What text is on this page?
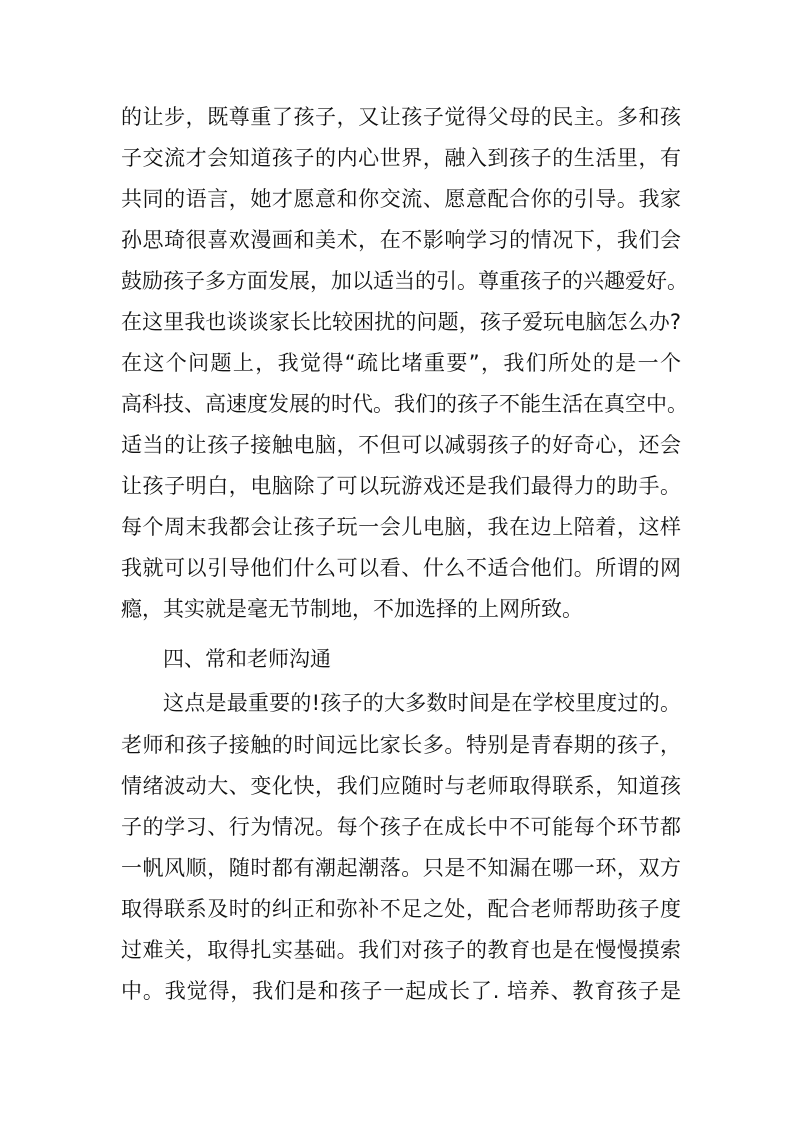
的让步，既尊重了孩子，又让孩子觉得父母的民主。多和孩
子交流才会知道孩子的内心世界，融入到孩子的生活里，有
共同的语言，她才愿意和你交流、愿意配合你的引导。我家
孙思琦很喜欢漫画和美术，在不影响学习的情况下，我们会
鼓励孩子多方面发展，加以适当的引。尊重孩子的兴趣爱好。
在这里我也谈谈家长比较困扰的问题，孩子爱玩电脑怎么办?
在这个问题上，我觉得“疏比堵重要”，我们所处的是一个
高科技、高速度发展的时代。我们的孩子不能生活在真空中。
适当的让孩子接触电脑，不但可以减弱孩子的好奇心，还会
让孩子明白，电脑除了可以玩游戏还是我们最得力的助手。
每个周末我都会让孩子玩一会儿电脑，我在边上陪着，这样
我就可以引导他们什么可以看、什么不适合他们。所谓的网
瘾，其实就是毫无节制地，不加选择的上网所致。
四、常和老师沟通
这点是最重要的!孩子的大多数时间是在学校里度过的。
老师和孩子接触的时间远比家长多。特别是青春期的孩子，
情绪波动大、变化快，我们应随时与老师取得联系，知道孩
子的学习、行为情况。每个孩子在成长中不可能每个环节都
一帆风顺，随时都有潮起潮落。只是不知漏在哪一环，双方
取得联系及时的纠正和弥补不足之处，配合老师帮助孩子度
过难关，取得扎实基础。我们对孩子的教育也是在慢慢摸索
中。我觉得，我们是和孩子一起成长了. 培养、教育孩子是
